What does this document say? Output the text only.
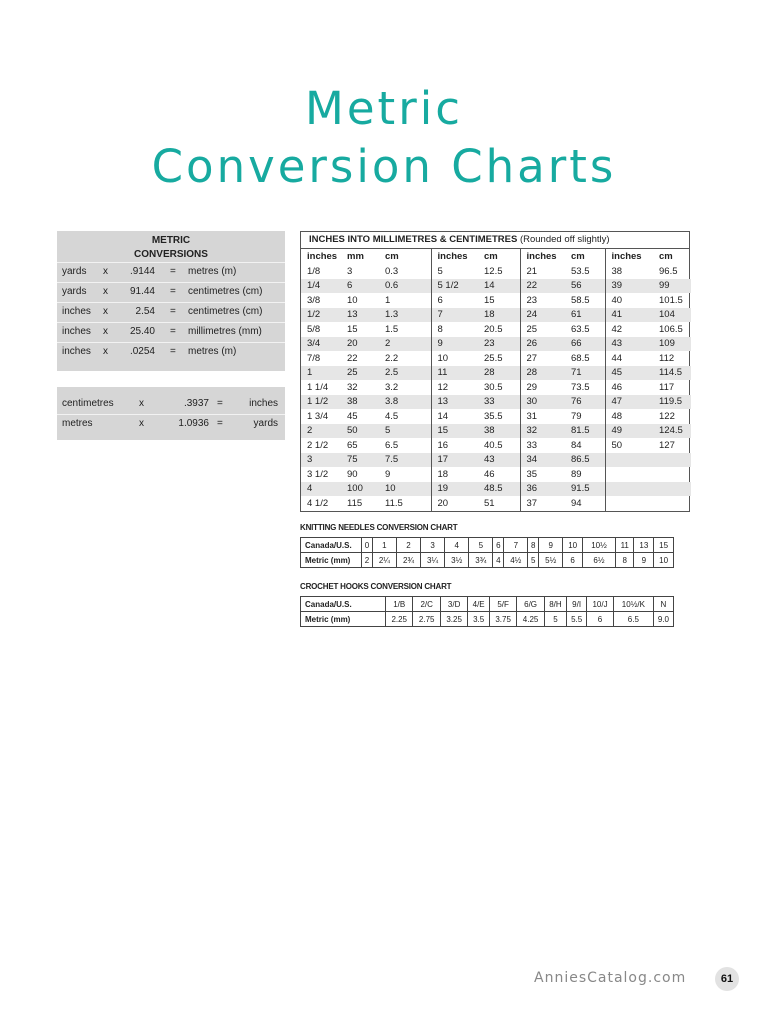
Metric
Conversion Charts
METRIC
CONVERSIONS
yards x	.9144 = metres (m)
yards x	91.44 = centimetres (cm)
inches x	2.54 = centimetres (cm)
inches x	25.40 = millimetres (mm)
inches x	.0254 = metres (m)
centimetres	x	.3937 =	inches
metres	x	1.0936 =	yards
INCHES INTO MILLIMETRES & CENTIMETRES (Rounded off slightly)
inches	mm	cm	inches	cm	inches	cm	inches	cm
1/8	3	0.3	5	12.5	21	53.5	38	96.5
1/4	6	0.6	5 1/2	14	22	56	39	99
3/8	10	1	6	15	23	58.5	40	101.5
1/2	13	1.3	7	18	24	61	41	104
5/8	15	1.5	8	20.5	25	63.5	42	106.5
3/4	20	2	9	23	26	66	43	109
7/8	22	2.2	10	25.5	27	68.5	44	112
1	25	2.5	11	28	28	71	45	114.5
1 1/4	32	3.2	12	30.5	29	73.5	46	117
1 1/2	38	3.8	13	33	30	76	47	119.5
1 3/4	45	4.5	14	35.5	31	79	48	122
2	50	5	15	38	32	81.5	49	124.5
2 1/2	65	6.5	16	40.5	33	84	50	127
3	75	7.5	17	43	34	86.5		
3 1/2	90	9	18	46	35	89		
4	100	10	19	48.5	36	91.5		
4 1/2	115	11.5	20	51	37	94		
KNITTING NEEDLES CONVERSION CHART
Canada/U.S.	0	1	2	3	4	5	6	7	8	9	10	10½	11	13	15
Metric (mm)	2	2¼	2¾	3¼	3½	3¾	4	4½	5	5½	6	6½	8	9	10
CROCHET HOOKS CONVERSION CHART
Canada/U.S.	1/B	2/C	3/D	4/E	5/F	6/G	8/H	9/I	10/J	10½/K	N
Metric (mm)	2.25	2.75	3.25	3.5	3.75	4.25	5	5.5	6	6.5	9.0
AnniesCatalog.com	61
